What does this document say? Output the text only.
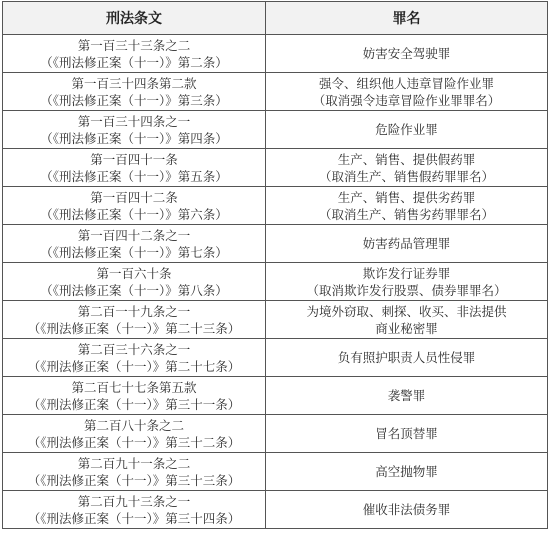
刑法条文	罪名

第一百三十三条之二
（《刑法修正案（十一）》第二条）	妨害安全驾驶罪

第一百三十四条第二款
（《刑法修正案（十一）》第三条）	强令、组织他人违章冒险作业罪
（取消强令违章冒险作业罪罪名）

第一百三十四条之一
（《刑法修正案（十一）》第四条）	危险作业罪

第一百四十一条
（《刑法修正案（十一）》第五条）	生产、销售、提供假药罪
（取消生产、销售假药罪罪名）

第一百四十二条
（《刑法修正案（十一）》第六条）	生产、销售、提供劣药罪
（取消生产、销售劣药罪罪名）

第一百四十二条之一
（《刑法修正案（十一）》第七条）	妨害药品管理罪

第一百六十条
（《刑法修正案（十一）》第八条）	欺诈发行证券罪
（取消欺诈发行股票、债券罪罪名）

第二百一十九条之一
（《刑法修正案（十一）》第二十三条）	为境外窃取、刺探、收买、非法提供
商业秘密罪

第二百三十六条之一
（《刑法修正案（十一）》第二十七条）	负有照护职责人员性侵罪

第二百七十七条第五款
（《刑法修正案（十一）》第三十一条）	袭警罪

第二百八十条之二
（《刑法修正案（十一）》第三十二条）	冒名顶替罪

第二百九十一条之二
（《刑法修正案（十一）》第三十三条）	高空抛物罪

第二百九十三条之一
（《刑法修正案（十一）》第三十四条）	催收非法债务罪
